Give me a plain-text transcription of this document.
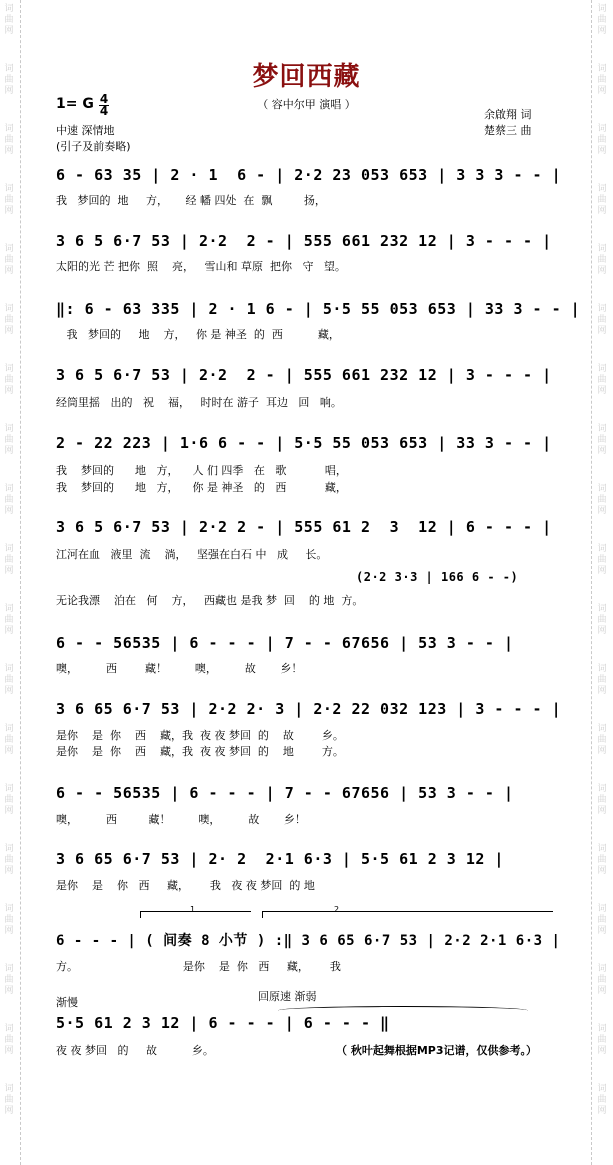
词曲网
词曲网
词曲网
词曲网
词曲网
词曲网
词曲网
词曲网
词曲网
词曲网
词曲网
词曲网
词曲网
词曲网
词曲网
词曲网
词曲网
词曲网
词曲网
词曲网
词曲网
词曲网
词曲网
词曲网
词曲网
词曲网
词曲网
词曲网
词曲网
词曲网
词曲网
词曲网
词曲网
词曲网
词曲网
词曲网
词曲网
词曲网
梦回西藏
（ 容中尔甲 演唱 ）
1= G 4
4
中速 深情地
(引子及前奏略)
余啟翔 词
楚蔡三 曲
6 - 63 35 | 2 · 1  6 - | 2·2 23 053 653 | 3 3 3 - - |
我   梦回的  地     方，     经 幡 四处  在  飘         扬，
3 6 5 6·7 53 | 2·2  2 - | 555 661 232 12 | 3 - - - |
太阳的光 芒 把你  照    亮，   雪山和 草原  把你   守   望。
‖: 6 - 63 335 | 2 · 1 6 - | 5·5 55 053 653 | 33 3 - - |
我   梦回的     地    方，   你 是 神圣  的  西          藏，
3 6 5 6·7 53 | 2·2  2 - | 555 661 232 12 | 3 - - - |
经筒里摇   出的   祝    福，   时时在 游子  耳边   回   响。
2 - 22 223 | 1·6 6 - - | 5·5 55 053 653 | 33 3 - - |
我    梦回的      地   方，    人 们 四季   在   歌           唱，
我    梦回的      地   方，    你 是 神圣   的   西           藏，
3 6 5 6·7 53 | 2·2 2 - | 555 61 2  3  12 | 6 - - - |
江河在血   液里  流    淌，   坚强在白石 中   成     长。
(2·2 3·3 | 166 6 - -)
无论我漂    泊在   何    方，   西藏也 是我 梦  回    的 地  方。
6 - - 56535 | 6 - - - | 7 - - 67656 | 53 3 - - |
噢，        西        藏！        噢，        故       乡！
3 6 65 6·7 53 | 2·2 2· 3 | 2·2 22 032 123 | 3 - - - |
是你    是  你    西    藏，我  夜 夜 梦回  的    故        乡。
是你    是  你    西    藏，我  夜 夜 梦回  的    地        方。
6 - - 56535 | 6 - - - | 7 - - 67656 | 53 3 - - |
噢，        西         藏！        噢，        故       乡！
3 6 65 6·7 53 | 2· 2  2·1 6·3 | 5·5 61 2 3 12 |
是你    是    你   西     藏，      我   夜 夜 梦回  的 地
1	2
6 - - - | ( 间奏 8 小节 ) :‖ 3 6 65 6·7 53 | 2·2 2·1 6·3 |
方。                              是你    是  你   西     藏，      我
渐慢	回原速 渐弱
5·5 61 2 3 12 | 6 - - - | 6 - - - ‖
夜 夜 梦回   的     故          乡。	（ 秋叶起舞根据MP3记谱，仅供参考。）
